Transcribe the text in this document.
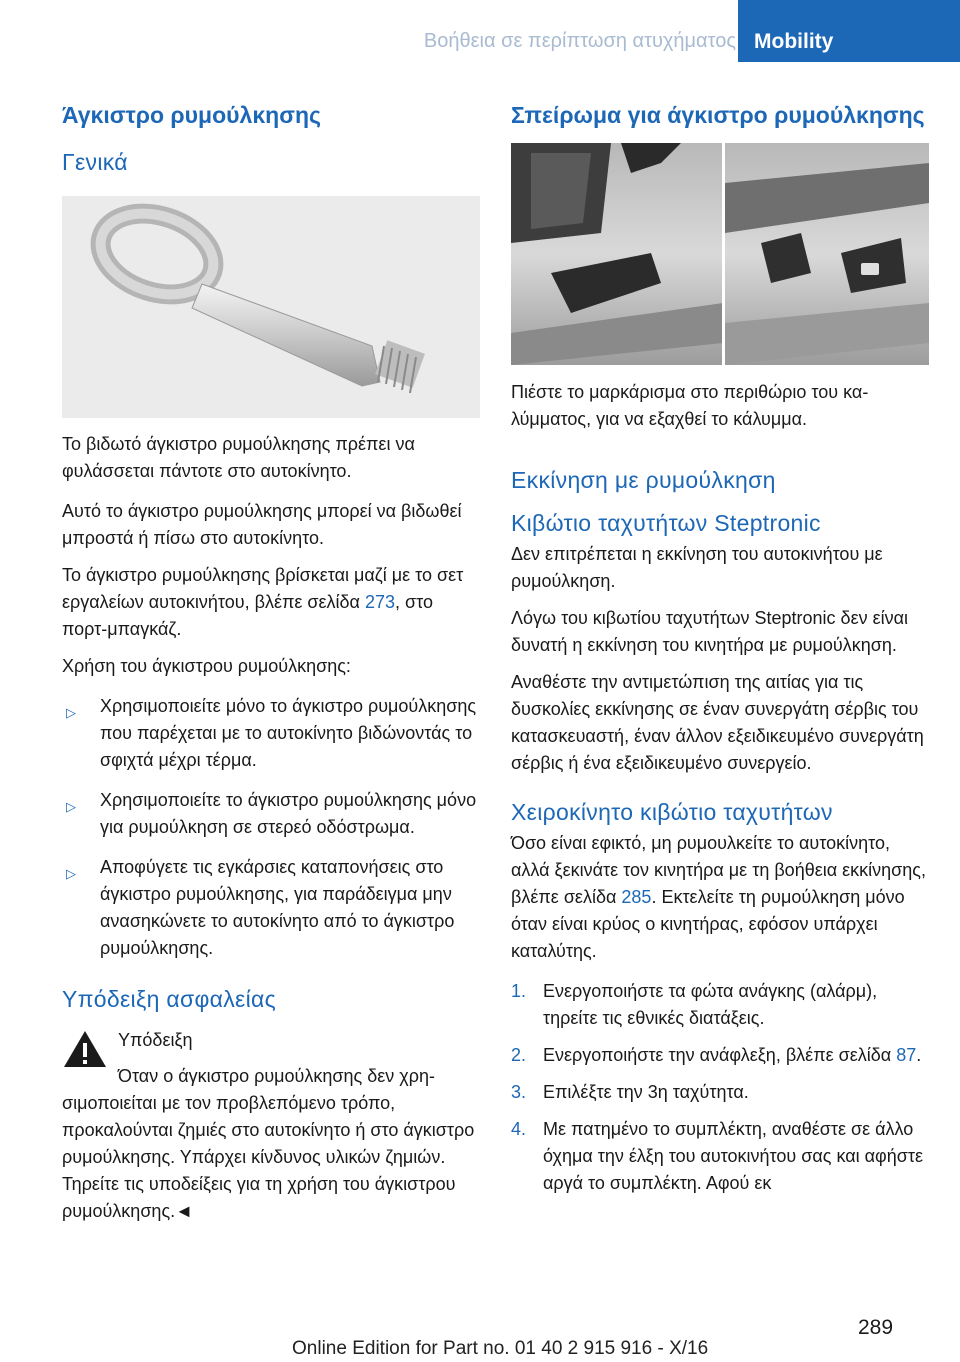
Βοήθεια σε περίπτωση ατυχήματος Mobility
Άγκιστρο ρυμούλκησης
Γενικά

Το βιδωτό άγκιστρο ρυμούλκησης πρέπει να φυλάσσεται πάντοτε στο αυτοκίνητο.

Αυτό το άγκιστρο ρυμούλκησης μπορεί να βιδωθεί μπροστά ή πίσω στο αυτοκίνητο.

Το άγκιστρο ρυμούλκησης βρίσκεται μαζί με το σετ εργαλείων αυτοκινήτου, βλέπε σελίδα 273, στο πορτ-μπαγκάζ.

Χρήση του άγκιστρου ρυμούλκησης:

▷ Χρησιμοποιείτε μόνο το άγκιστρο ρυμούλκησης που παρέχεται με το αυτοκίνητο βιδώνοντάς το σφιχτά μέχρι τέρμα.
▷ Χρησιμοποιείτε το άγκιστρο ρυμούλκησης μόνο για ρυμούλκηση σε στερεό οδόστρωμα.
▷ Αποφύγετε τις εγκάρσιες καταπονήσεις στο άγκιστρο ρυμούλκησης, για παράδειγμα μην ανασηκώνετε το αυτοκίνητο από το άγκιστρο ρυμούλκησης.
Υπόδειξη ασφαλείας

Υπόδειξη

Όταν ο άγκιστρο ρυμούλκησης δεν χρησιμοποιείται με τον προβλεπόμενο τρόπο, προκαλούνται ζημιές στο αυτοκίνητο ή στο άγκιστρο ρυμούλκησης. Υπάρχει κίνδυνος υλικών ζημιών. Τηρείτε τις υποδείξεις για τη χρήση του άγκιστρου ρυμούλκησης.◄

Σπείρωμα για άγκιστρο ρυμούλκησης

Πιέστε το μαρκάρισμα στο περιθώριο του καλύμματος, για να εξαχθεί το κάλυμμα.

Εκκίνηση με ρυμούλκηση
Κιβώτιο ταχυτήτων Steptronic

Δεν επιτρέπεται η εκκίνηση του αυτοκινήτου με ρυμούλκηση.

Λόγω του κιβωτίου ταχυτήτων Steptronic δεν είναι δυνατή η εκκίνηση του κινητήρα με ρυμούλκηση.

Αναθέστε την αντιμετώπιση της αιτίας για τις δυσκολίες εκκίνησης σε έναν συνεργάτη σέρβις του κατασκευαστή, έναν άλλον εξειδικευμένο συνεργάτη σέρβις ή ένα εξειδικευμένο συνεργείο.

Χειροκίνητο κιβώτιο ταχυτήτων

Όσο είναι εφικτό, μη ρυμουλκείτε το αυτοκίνητο, αλλά ξεκινάτε τον κινητήρα με τη βοήθεια εκκίνησης, βλέπε σελίδα 285. Εκτελείτε τη ρυμούλκηση μόνο όταν είναι κρύος ο κινητήρας, εφόσον υπάρχει καταλύτης.

1. Ενεργοποιήστε τα φώτα ανάγκης (αλάρμ), τηρείτε τις εθνικές διατάξεις.
2. Ενεργοποιήστε την ανάφλεξη, βλέπε σελίδα 87.
3. Επιλέξτε την 3η ταχύτητα.
4. Με πατημένο το συμπλέκτη, αναθέστε σε άλλο όχημα την έλξη του αυτοκινήτου σας και αφήστε αργά το συμπλέκτη. Αφού εκ
289
Online Edition for Part no. 01 40 2 915 916 - X/16
